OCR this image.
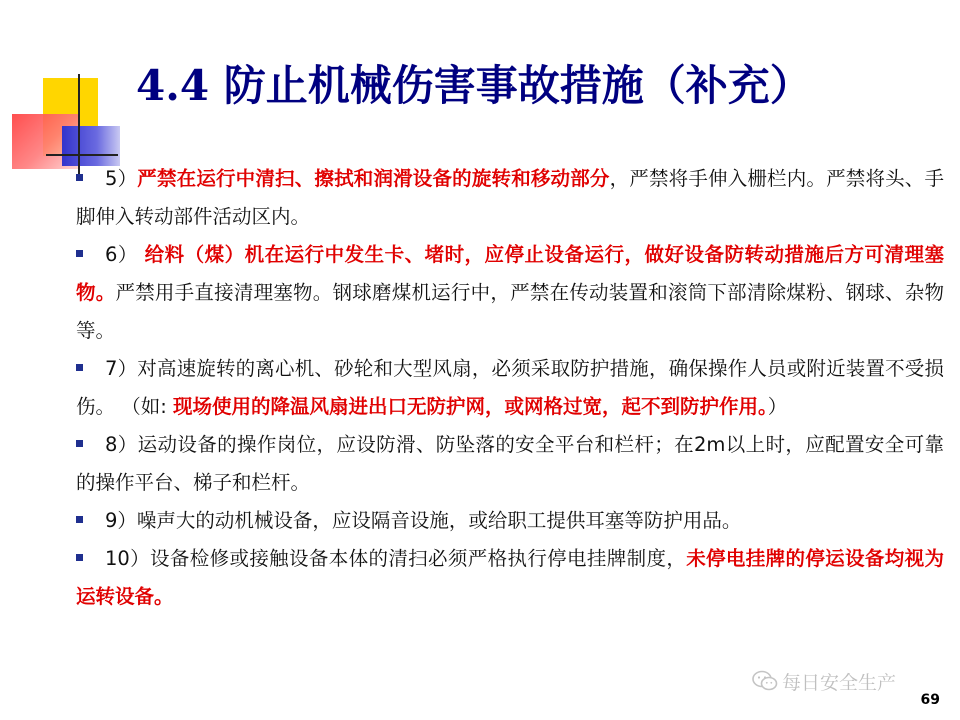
4.4 防止机械伤害事故措施（补充）
5）严禁在运行中清扫、擦拭和润滑设备的旋转和移动部分，严禁将手伸入栅栏内。严禁将头、手脚伸入转动部件活动区内。
6） 给料（煤）机在运行中发生卡、堵时，应停止设备运行，做好设备防转动措施后方可清理塞物。严禁用手直接清理塞物。钢球磨煤机运行中，严禁在传动装置和滚筒下部清除煤粉、钢球、杂物等。
7）对高速旋转的离心机、砂轮和大型风扇，必须采取防护措施，确保操作人员或附近装置不受损伤。 （如: 现场使用的降温风扇进出口无防护网，或网格过宽，起不到防护作用。）
8）运动设备的操作岗位，应设防滑、防坠落的安全平台和栏杆；在2m以上时，应配置安全可靠的操作平台、梯子和栏杆。
9）噪声大的动机械设备，应设隔音设施，或给职工提供耳塞等防护用品。
10）设备检修或接触设备本体的清扫必须严格执行停电挂牌制度，未停电挂牌的停运设备均视为运转设备。
每日安全生产
69
